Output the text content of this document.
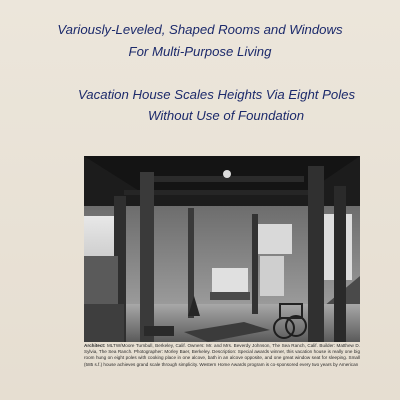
Variously-Leveled, Shaped Rooms and Windows
For Multi-Purpose Living
Vacation House Scales Heights Via Eight Poles
Without Use of Foundation
Architect: MLTW/Moore Turnbull, Berkeley, Calif. Owners: Mr. and Mrs. Beverdy Johnson, The Sea Ranch, Calif. Builder: Matthew D. Sylvia, The Sea Ranch. Photographer: Morley Baer, Berkeley. Description: Special awards winner, this vacation house is really one big room hung on eight poles with cooking place in one alcove, bath in an alcove opposite, and one great window seat for sleeping. Small (585 s.f.) house achieves grand scale through simplicity. Western Home Awards program is co-sponsored every two years by American
